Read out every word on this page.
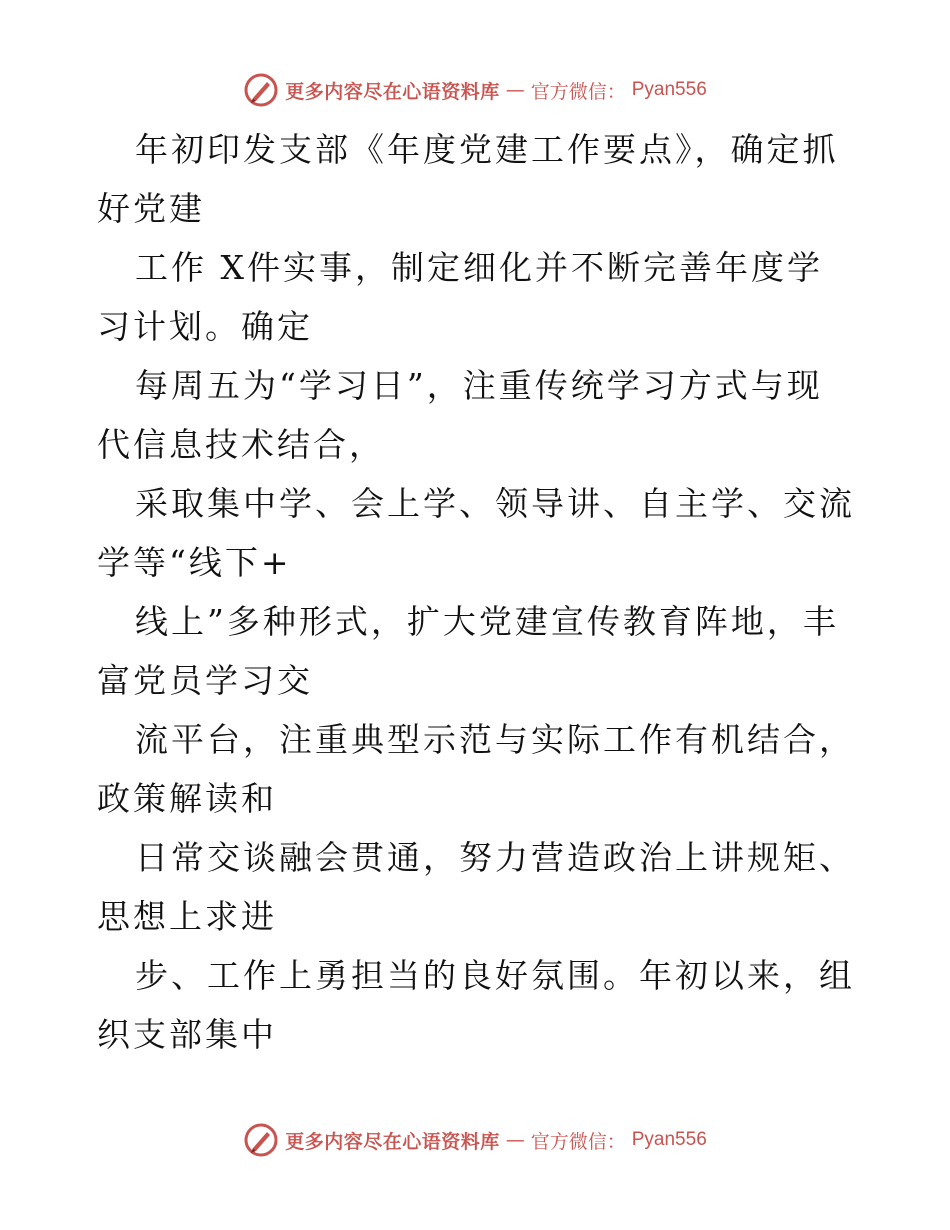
更多内容尽在心语资料库 — 官方微信： Pyan556

年初印发支部《年度党建工作要点》，确定抓好党建

工作 X件实事，制定细化并不断完善年度学习计划。确定

每周五为“学习日”，注重传统学习方式与现代信息技术结合，

采取集中学、会上学、领导讲、自主学、交流学等“线下+

线上”多种形式，扩大党建宣传教育阵地，丰富党员学习交

流平台，注重典型示范与实际工作有机结合，政策解读和

日常交谈融会贯通，努力营造政治上讲规矩、思想上求进

步、工作上勇担当的良好氛围。年初以来，组织支部集中

更多内容尽在心语资料库 — 官方微信： Pyan556
